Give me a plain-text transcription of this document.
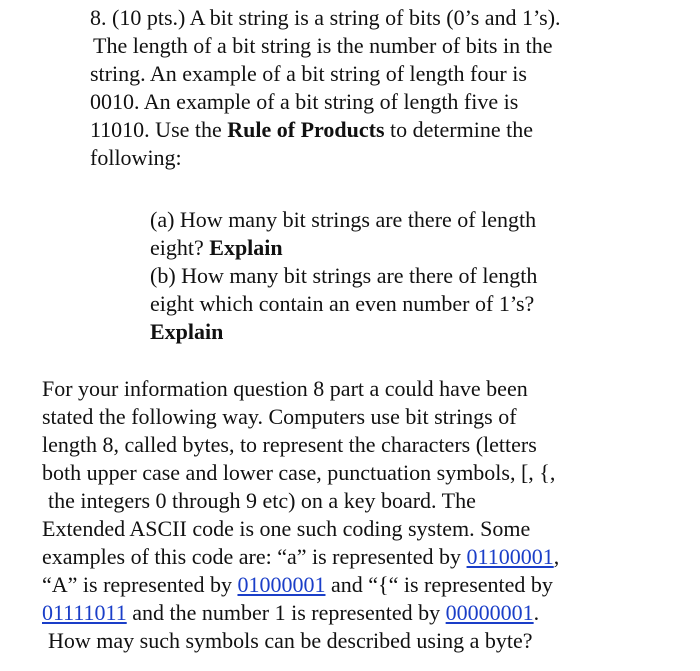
8. (10 pts.) A bit string is a string of bits (0’s and 1’s).
The length of a bit string is the number of bits in the
string. An example of a bit string of length four is
0010. An example of a bit string of length five is
11010. Use the Rule of Products to determine the
following:
(a) How many bit strings are there of length
eight? Explain
(b) How many bit strings are there of length
eight which contain an even number of 1’s?
Explain
For your information question 8 part a could have been
stated the following way. Computers use bit strings of
length 8, called bytes, to represent the characters (letters
both upper case and lower case, punctuation symbols, [, {,
the integers 0 through 9 etc) on a key board. The
Extended ASCII code is one such coding system. Some
examples of this code are: “a” is represented by 01100001,
“A” is represented by 01000001 and “{“ is represented by
01111011 and the number 1 is represented by 00000001.
How may such symbols can be described using a byte?
